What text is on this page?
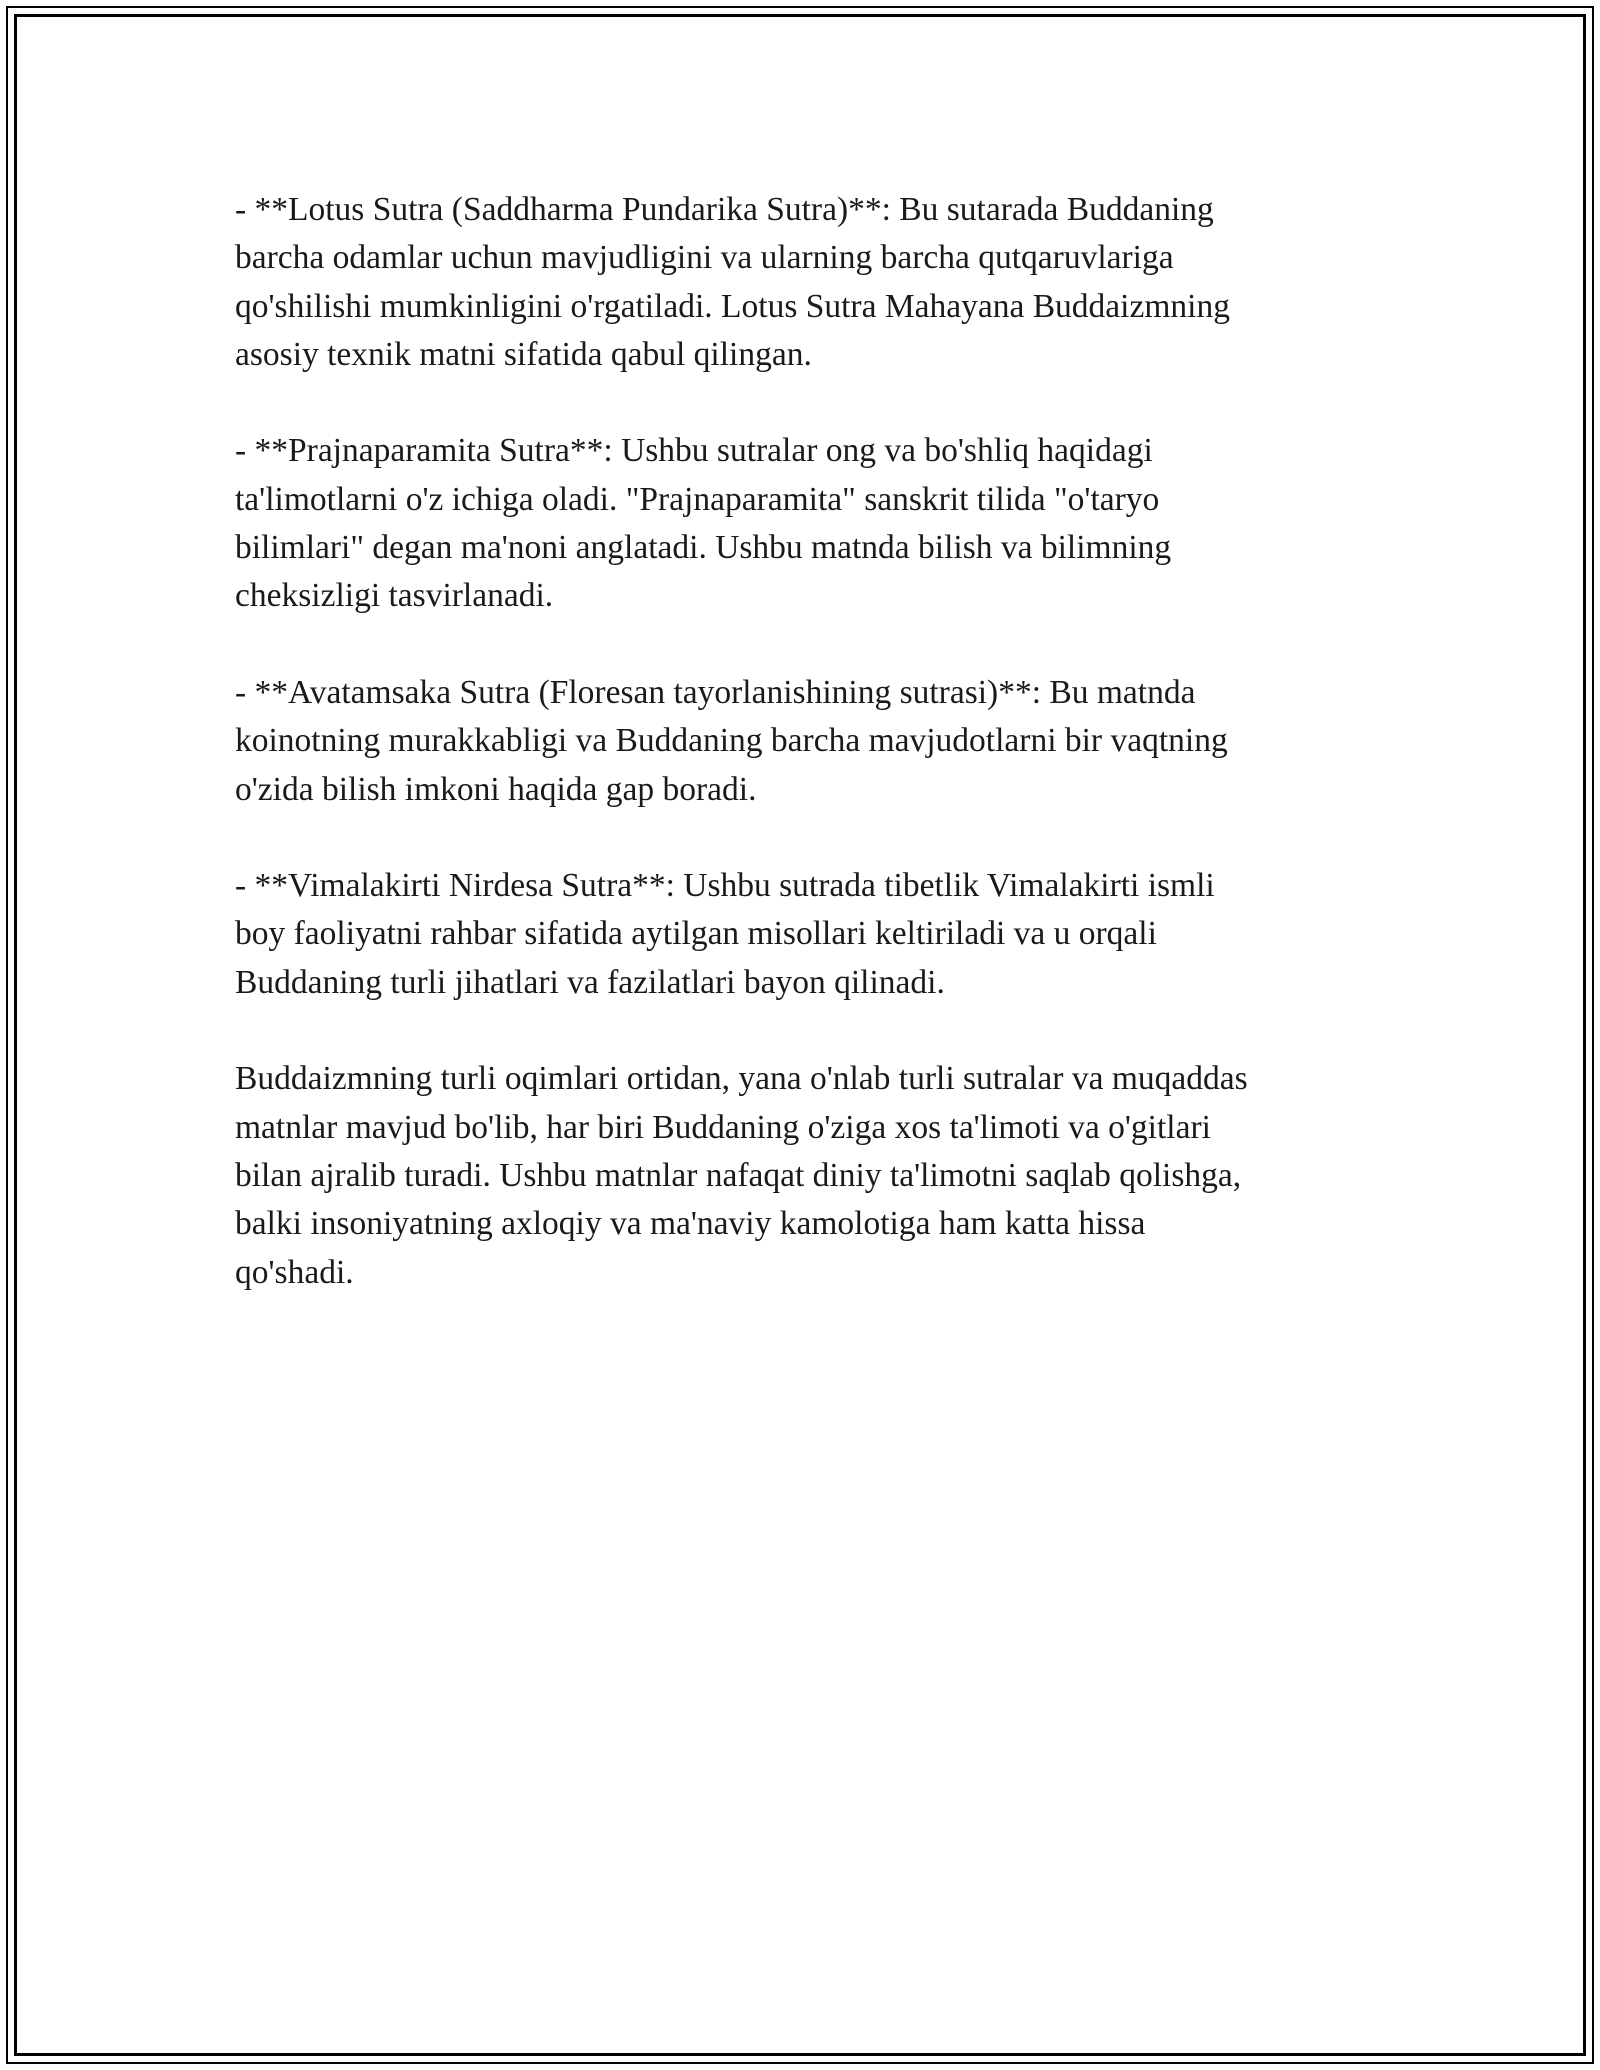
- **Lotus Sutra (Saddharma Pundarika Sutra)**: Bu sutarada Buddaning
barcha odamlar uchun mavjudligini va ularning barcha qutqaruvlariga
qo'shilishi mumkinligini o'rgatiladi. Lotus Sutra Mahayana Buddaizmning
asosiy texnik matni sifatida qabul qilingan.

- **Prajnaparamita Sutra**: Ushbu sutralar ong va bo'shliq haqidagi
ta'limotlarni o'z ichiga oladi. "Prajnaparamita" sanskrit tilida "o'taryo
bilimlari" degan ma'noni anglatadi. Ushbu matnda bilish va bilimning
cheksizligi tasvirlanadi.

- **Avatamsaka Sutra (Floresan tayorlanishining sutrasi)**: Bu matnda
koinotning murakkabligi va Buddaning barcha mavjudotlarni bir vaqtning
o'zida bilish imkoni haqida gap boradi.

- **Vimalakirti Nirdesa Sutra**: Ushbu sutrada tibetlik Vimalakirti ismli
boy faoliyatni rahbar sifatida aytilgan misollari keltiriladi va u orqali
Buddaning turli jihatlari va fazilatlari bayon qilinadi.

Buddaizmning turli oqimlari ortidan, yana o'nlab turli sutralar va muqaddas
matnlar mavjud bo'lib, har biri Buddaning o'ziga xos ta'limoti va o'gitlari
bilan ajralib turadi. Ushbu matnlar nafaqat diniy ta'limotni saqlab qolishga,
balki insoniyatning axloqiy va ma'naviy kamolotiga ham katta hissa
qo'shadi.
